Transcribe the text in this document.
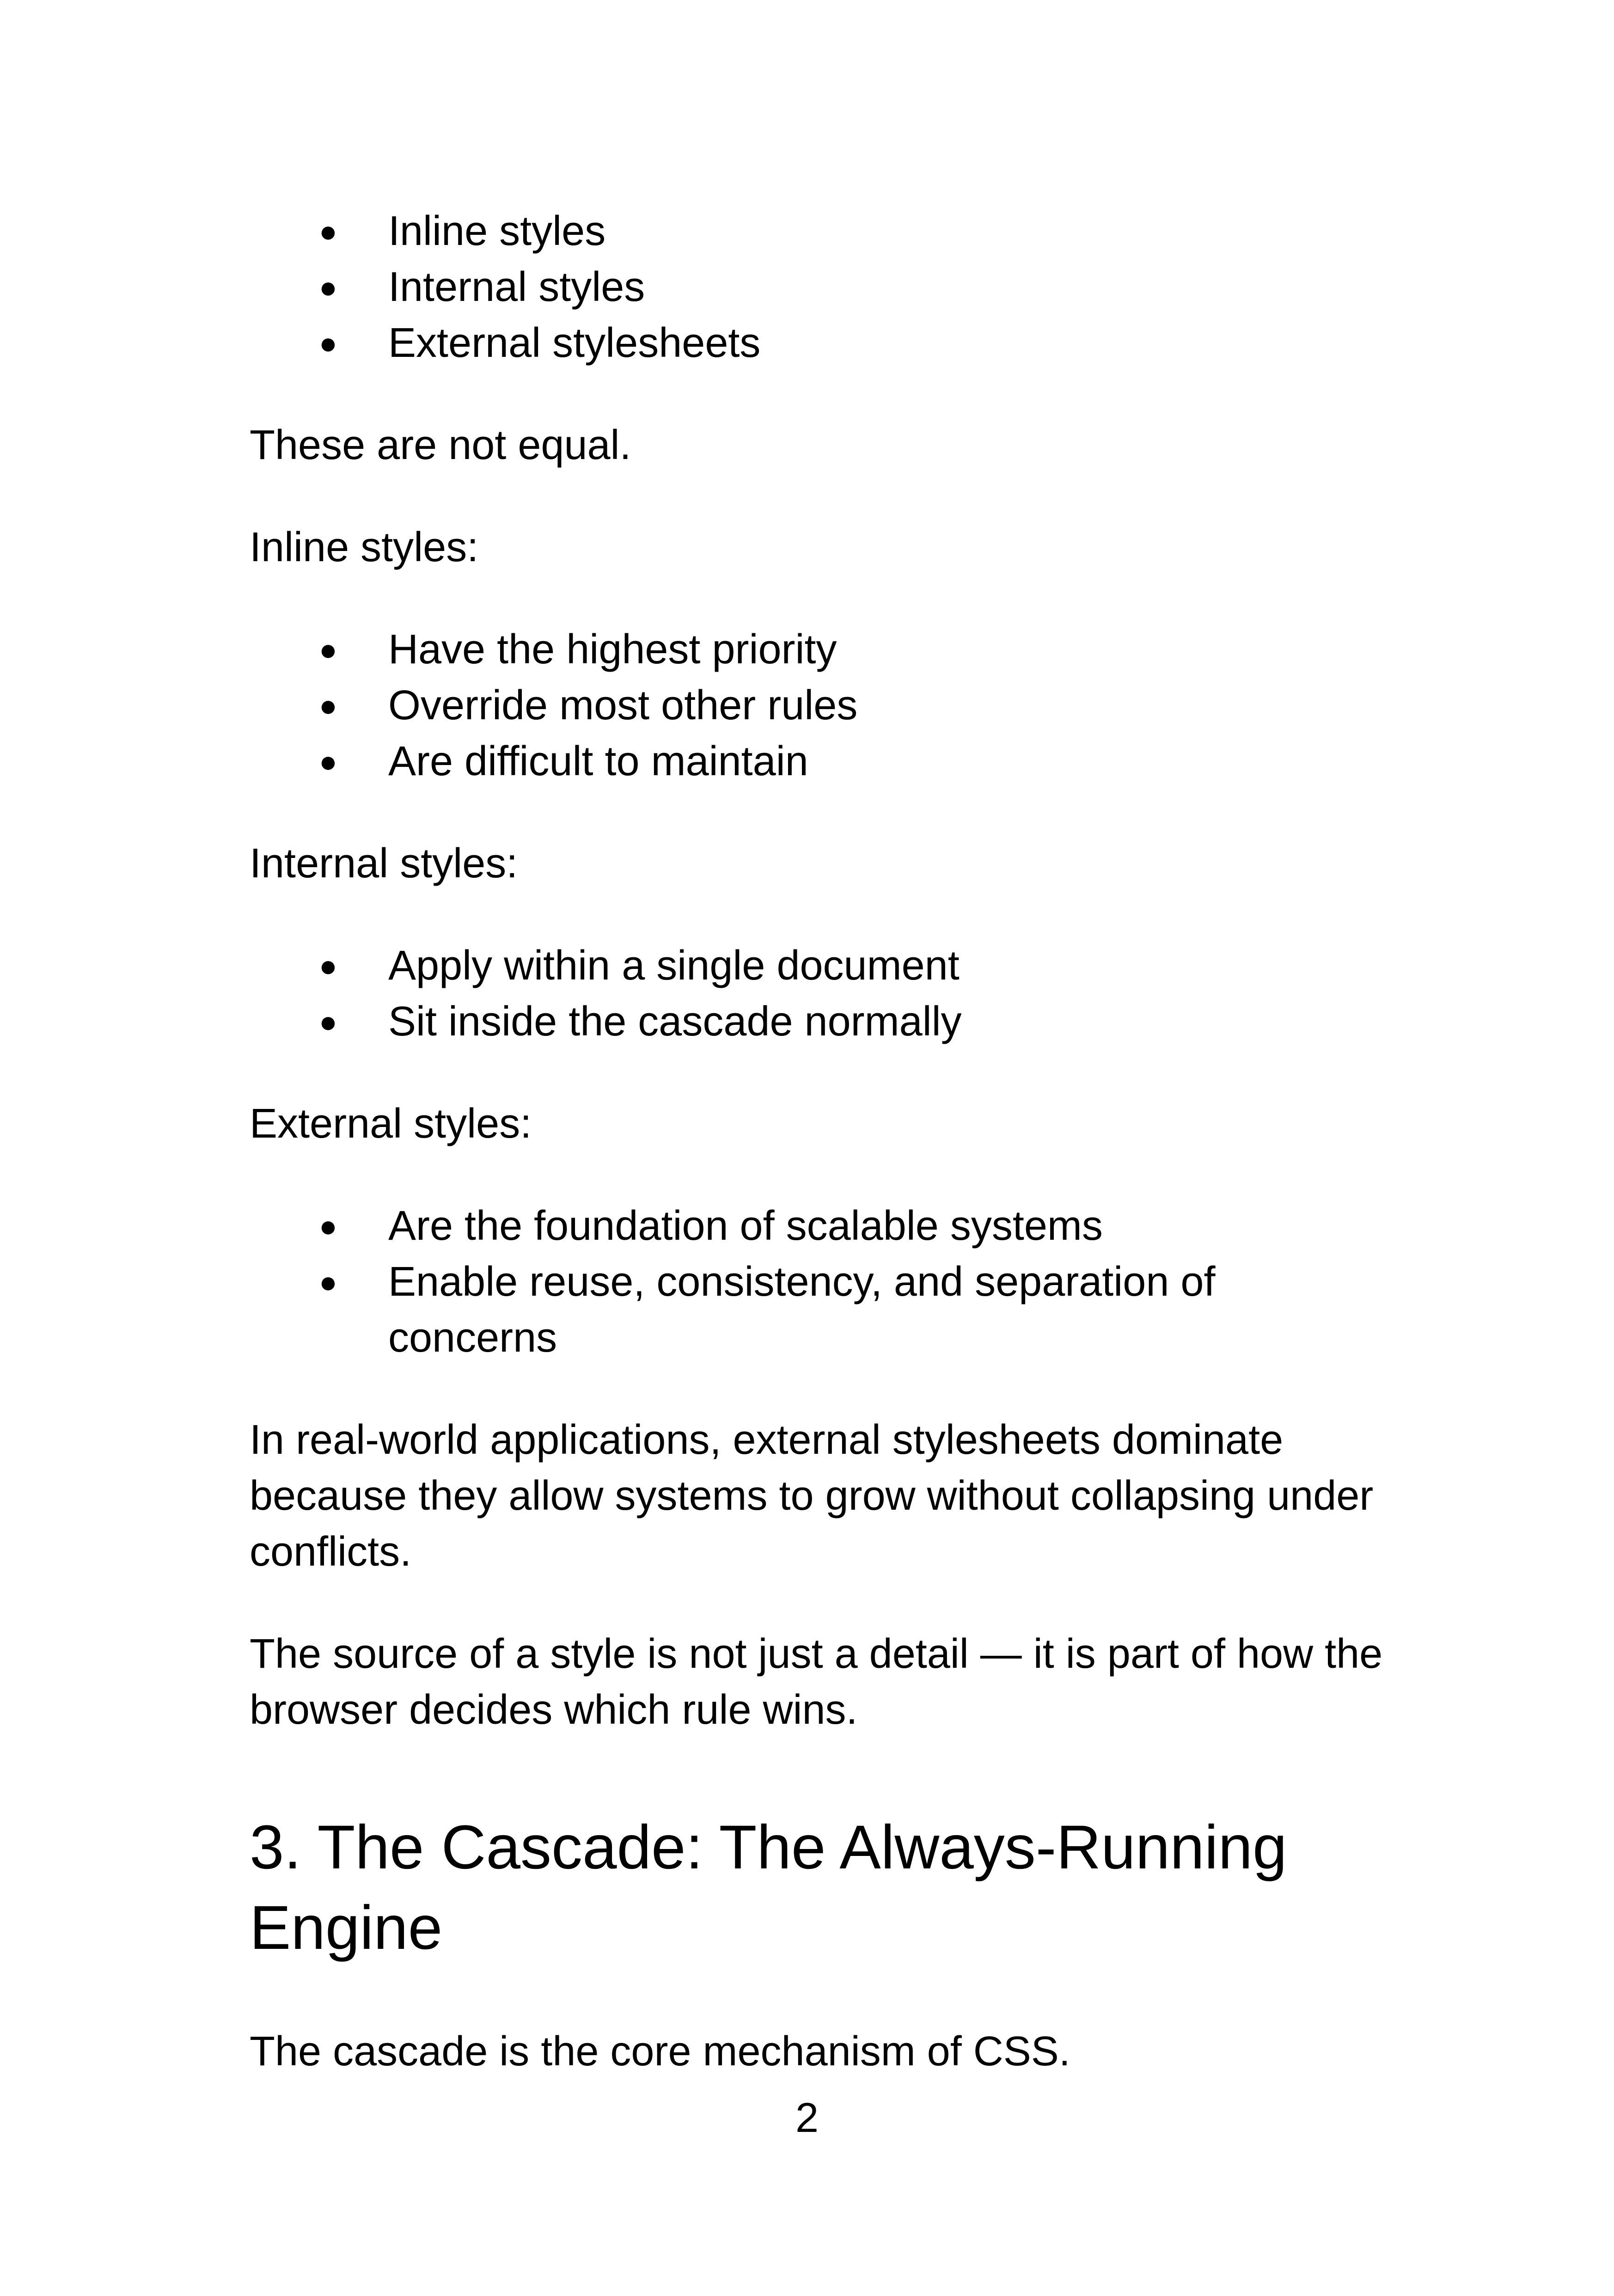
● Inline styles
● Internal styles
● External stylesheets

These are not equal.

Inline styles:

● Have the highest priority
● Override most other rules
● Are difficult to maintain

Internal styles:

● Apply within a single document
● Sit inside the cascade normally

External styles:

● Are the foundation of scalable systems
● Enable reuse, consistency, and separation of concerns

In real-world applications, external stylesheets dominate because they allow systems to grow without collapsing under conflicts.

The source of a style is not just a detail — it is part of how the browser decides which rule wins.

3. The Cascade: The Always-Running Engine

The cascade is the core mechanism of CSS.

2
